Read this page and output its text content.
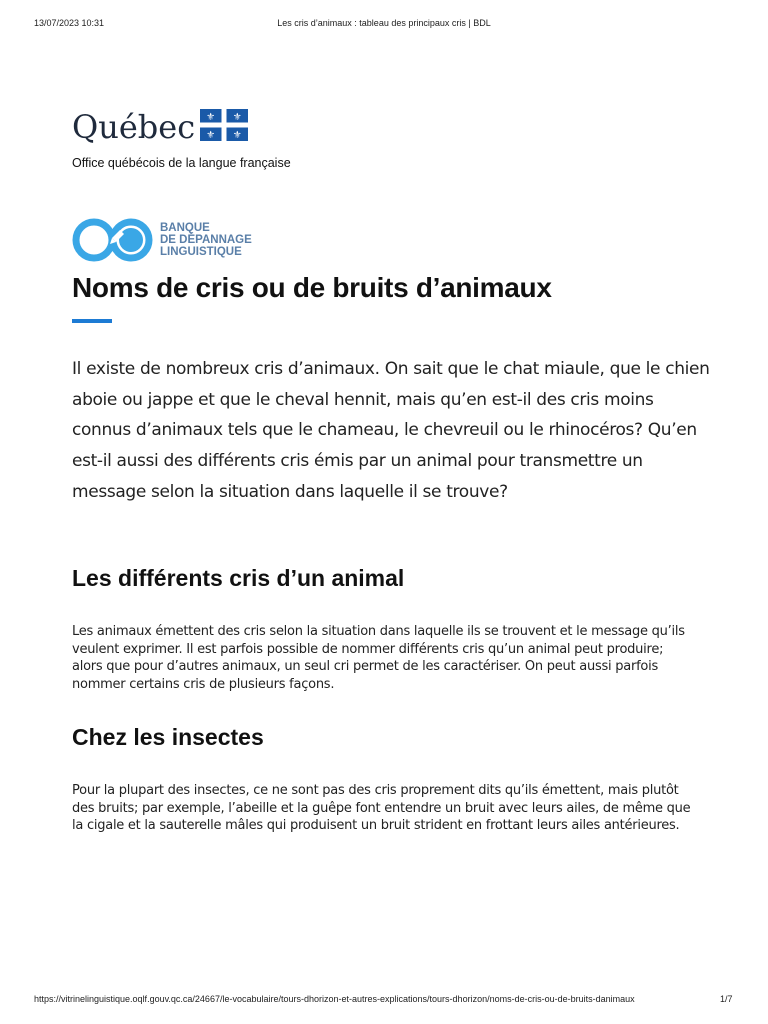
13/07/2023 10:31	Les cris d’animaux : tableau des principaux cris | BDL
Québec ⚜ ⚜
⚜ ⚜
Office québécois de la langue française
BANQUE
DE DÉPANNAGE
LINGUISTIQUE
Noms de cris ou de bruits d’animaux

Il existe de nombreux cris d’animaux. On sait que le chat miaule, que le chien aboie ou jappe et que le cheval hennit, mais qu’en est-il des cris moins connus d’animaux tels que le chameau, le chevreuil ou le rhinocéros? Qu’en est-il aussi des différents cris émis par un animal pour transmettre un message selon la situation dans laquelle il se trouve?

Les différents cris d’un animal

Les animaux émettent des cris selon la situation dans laquelle ils se trouvent et le message qu’ils veulent exprimer. Il est parfois possible de nommer différents cris qu’un animal peut produire; alors que pour d’autres animaux, un seul cri permet de les caractériser. On peut aussi parfois nommer certains cris de plusieurs façons.

Chez les insectes

Pour la plupart des insectes, ce ne sont pas des cris proprement dits qu’ils émettent, mais plutôt des bruits; par exemple, l’abeille et la guêpe font entendre un bruit avec leurs ailes, de même que la cigale et la sauterelle mâles qui produisent un bruit strident en frottant leurs ailes antérieures.

https://vitrinelinguistique.oqlf.gouv.qc.ca/24667/le-vocabulaire/tours-dhorizon-et-autres-explications/tours-dhorizon/noms-de-cris-ou-de-bruits-danimaux	1/7
